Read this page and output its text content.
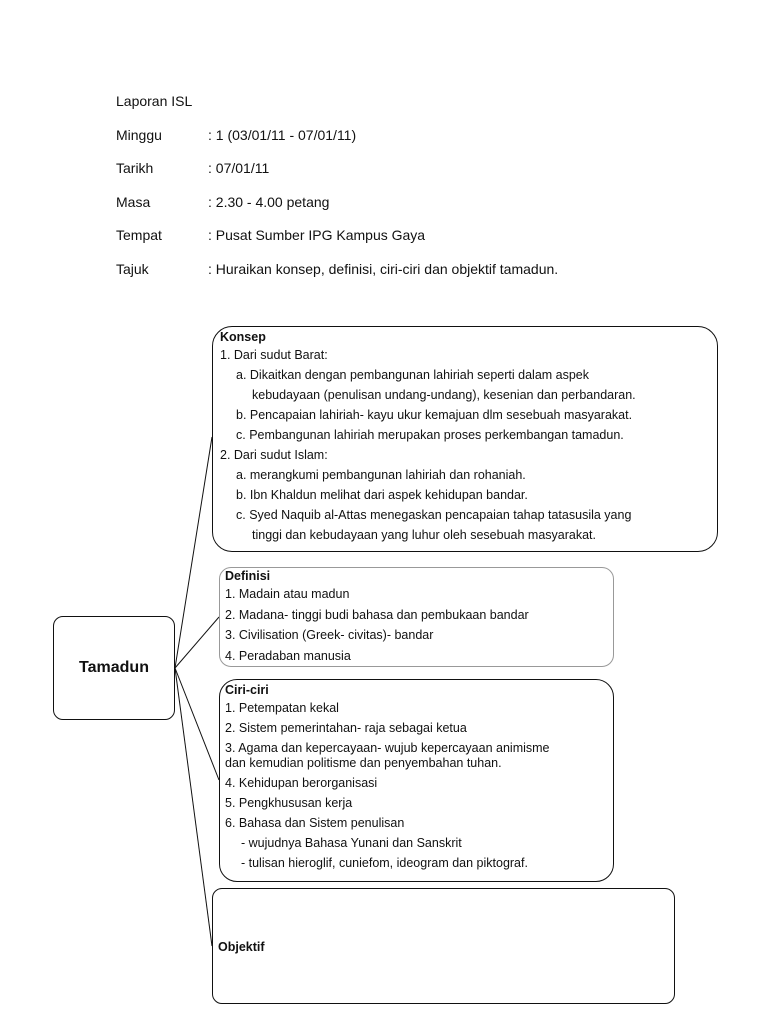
Laporan ISL
Minggu	: 1 (03/01/11 - 07/01/11)
Tarikh	: 07/01/11
Masa	: 2.30 - 4.00 petang
Tempat	: Pusat Sumber IPG Kampus Gaya
Tajuk	: Huraikan konsep, definisi, ciri-ciri dan objektif tamadun.
Tamadun
Konsep
1. Dari sudut Barat:
a. Dikaitkan dengan pembangunan lahiriah seperti dalam aspek
kebudayaan (penulisan undang-undang), kesenian dan perbandaran.
b. Pencapaian lahiriah- kayu ukur kemajuan dlm sesebuah masyarakat.
c. Pembangunan lahiriah merupakan proses perkembangan tamadun.
2. Dari sudut Islam:
a. merangkumi pembangunan lahiriah dan rohaniah.
b. Ibn Khaldun melihat dari aspek kehidupan bandar.
c. Syed Naquib al-Attas menegaskan pencapaian tahap tatasusila yang
tinggi dan kebudayaan yang luhur oleh sesebuah masyarakat.
Definisi
1. Madain atau madun
2. Madana- tinggi budi bahasa dan pembukaan bandar
3. Civilisation (Greek- civitas)- bandar
4. Peradaban manusia
Ciri-ciri
1. Petempatan kekal
2. Sistem pemerintahan- raja sebagai ketua
3. Agama dan kepercayaan- wujub kepercayaan animisme
dan kemudian politisme dan penyembahan tuhan.
4. Kehidupan berorganisasi
5. Pengkhususan kerja
6. Bahasa dan Sistem penulisan
- wujudnya Bahasa Yunani dan Sanskrit
- tulisan hieroglif, cuniefom, ideogram dan piktograf.
Objektif
